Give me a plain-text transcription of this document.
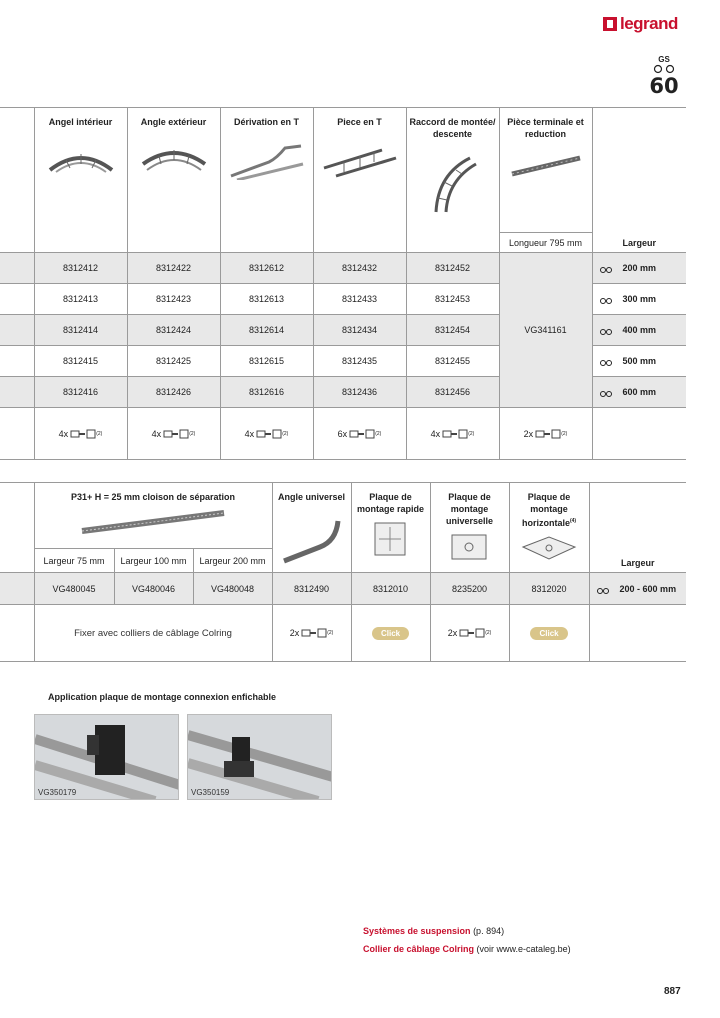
legrand
GS
60

	Angel intérieur	Angle extérieur	Dérivation en T	Piece en T	Raccord de montée/ descente	Pièce terminale et reduction	Largeur
						Longueur 795 mm	
	8312412	8312422	8312612	8312432	8312452	VG341161	200 mm

	8312413	8312423	8312613	8312433	8312453		300 mm

	8312414	8312424	8312614	8312434	8312454		400 mm

	8312415	8312425	8312615	8312435	8312455		500 mm

	8312416	8312426	8312616	8312436	8312456		600 mm

	4x (2)	4x (2)	4x (2)	6x (2)	4x (2)	2x (2)	

	P31+ H = 25 mm cloison de séparation			Angle universel	Plaque de montage rapide	Plaque de montage universelle	Plaque de montage horizontale$^{(4)}$	Largeur
	Largeur 75 mm	Largeur 100 mm	Largeur 200 mm					
	VG480045	VG480046	VG480048	8312490	8312010	8235200	8312020	200 - 600 mm

	Fixer avec colliers de câblage Colring			2x (2)	Click	2x (2)	Click	
Application plaque de montage connexion enfichable
VG350179	VG350159
Systèmes de suspension (p. 894)
Collier de câblage Colring (voir www.e-cataleg.be)
887
